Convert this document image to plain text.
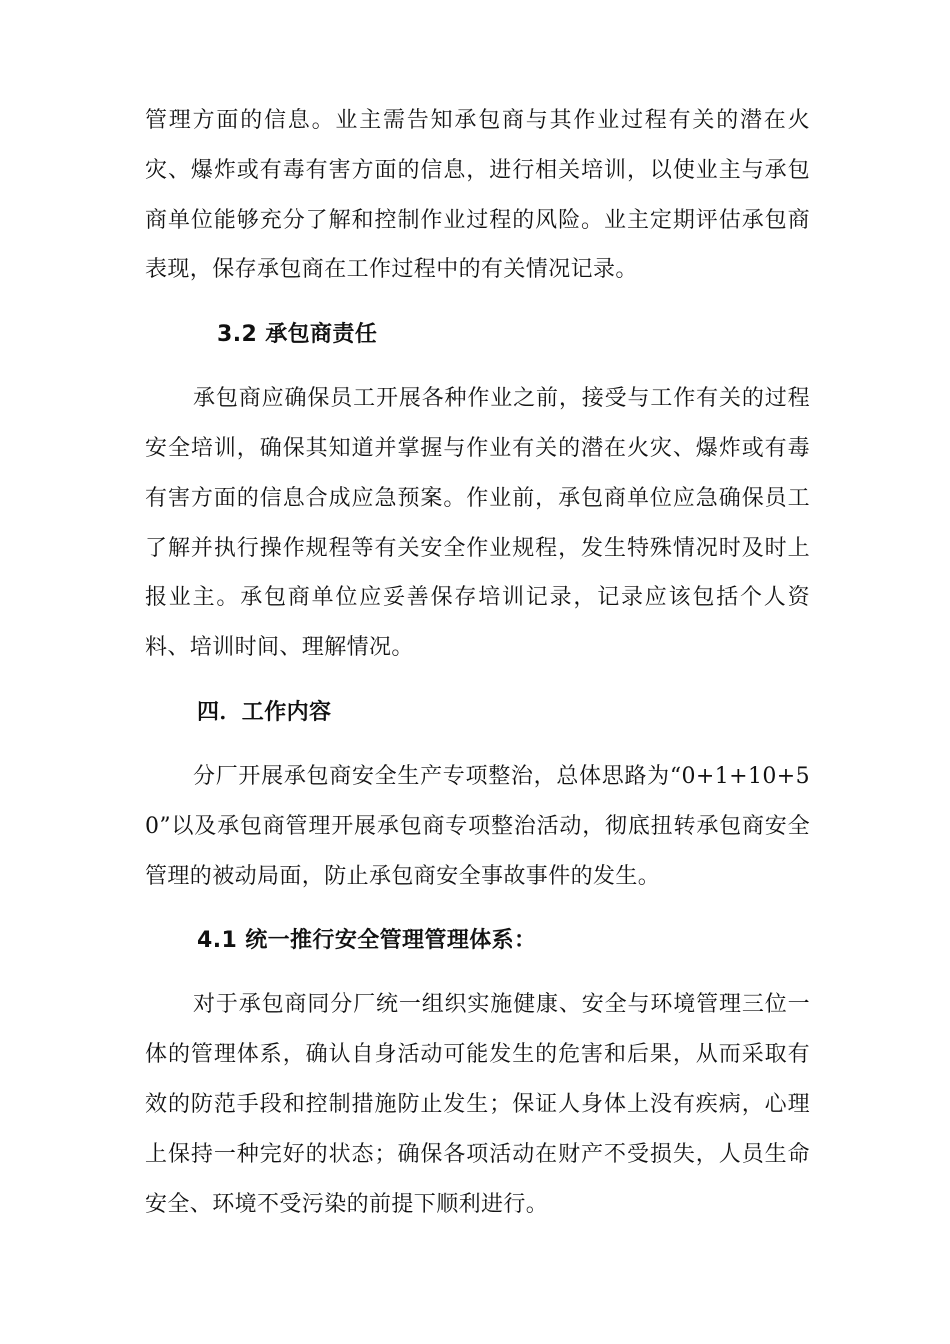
管理方面的信息。业主需告知承包商与其作业过程有关的潜在火灾、爆炸或有毒有害方面的信息，进行相关培训，以使业主与承包商单位能够充分了解和控制作业过程的风险。业主定期评估承包商表现，保存承包商在工作过程中的有关情况记录。

3.2 承包商责任

承包商应确保员工开展各种作业之前，接受与工作有关的过程安全培训，确保其知道并掌握与作业有关的潜在火灾、爆炸或有毒有害方面的信息合成应急预案。作业前，承包商单位应急确保员工了解并执行操作规程等有关安全作业规程，发生特殊情况时及时上报业主。承包商单位应妥善保存培训记录，记录应该包括个人资料、培训时间、理解情况。

四．工作内容

分厂开展承包商安全生产专项整治，总体思路为“0+1+10+50”以及承包商管理开展承包商专项整治活动，彻底扭转承包商安全管理的被动局面，防止承包商安全事故事件的发生。

4.1 统一推行安全管理管理体系：

对于承包商同分厂统一组织实施健康、安全与环境管理三位一体的管理体系，确认自身活动可能发生的危害和后果，从而采取有效的防范手段和控制措施防止发生；保证人身体上没有疾病，心理上保持一种完好的状态；确保各项活动在财产不受损失，人员生命安全、环境不受污染的前提下顺利进行。
